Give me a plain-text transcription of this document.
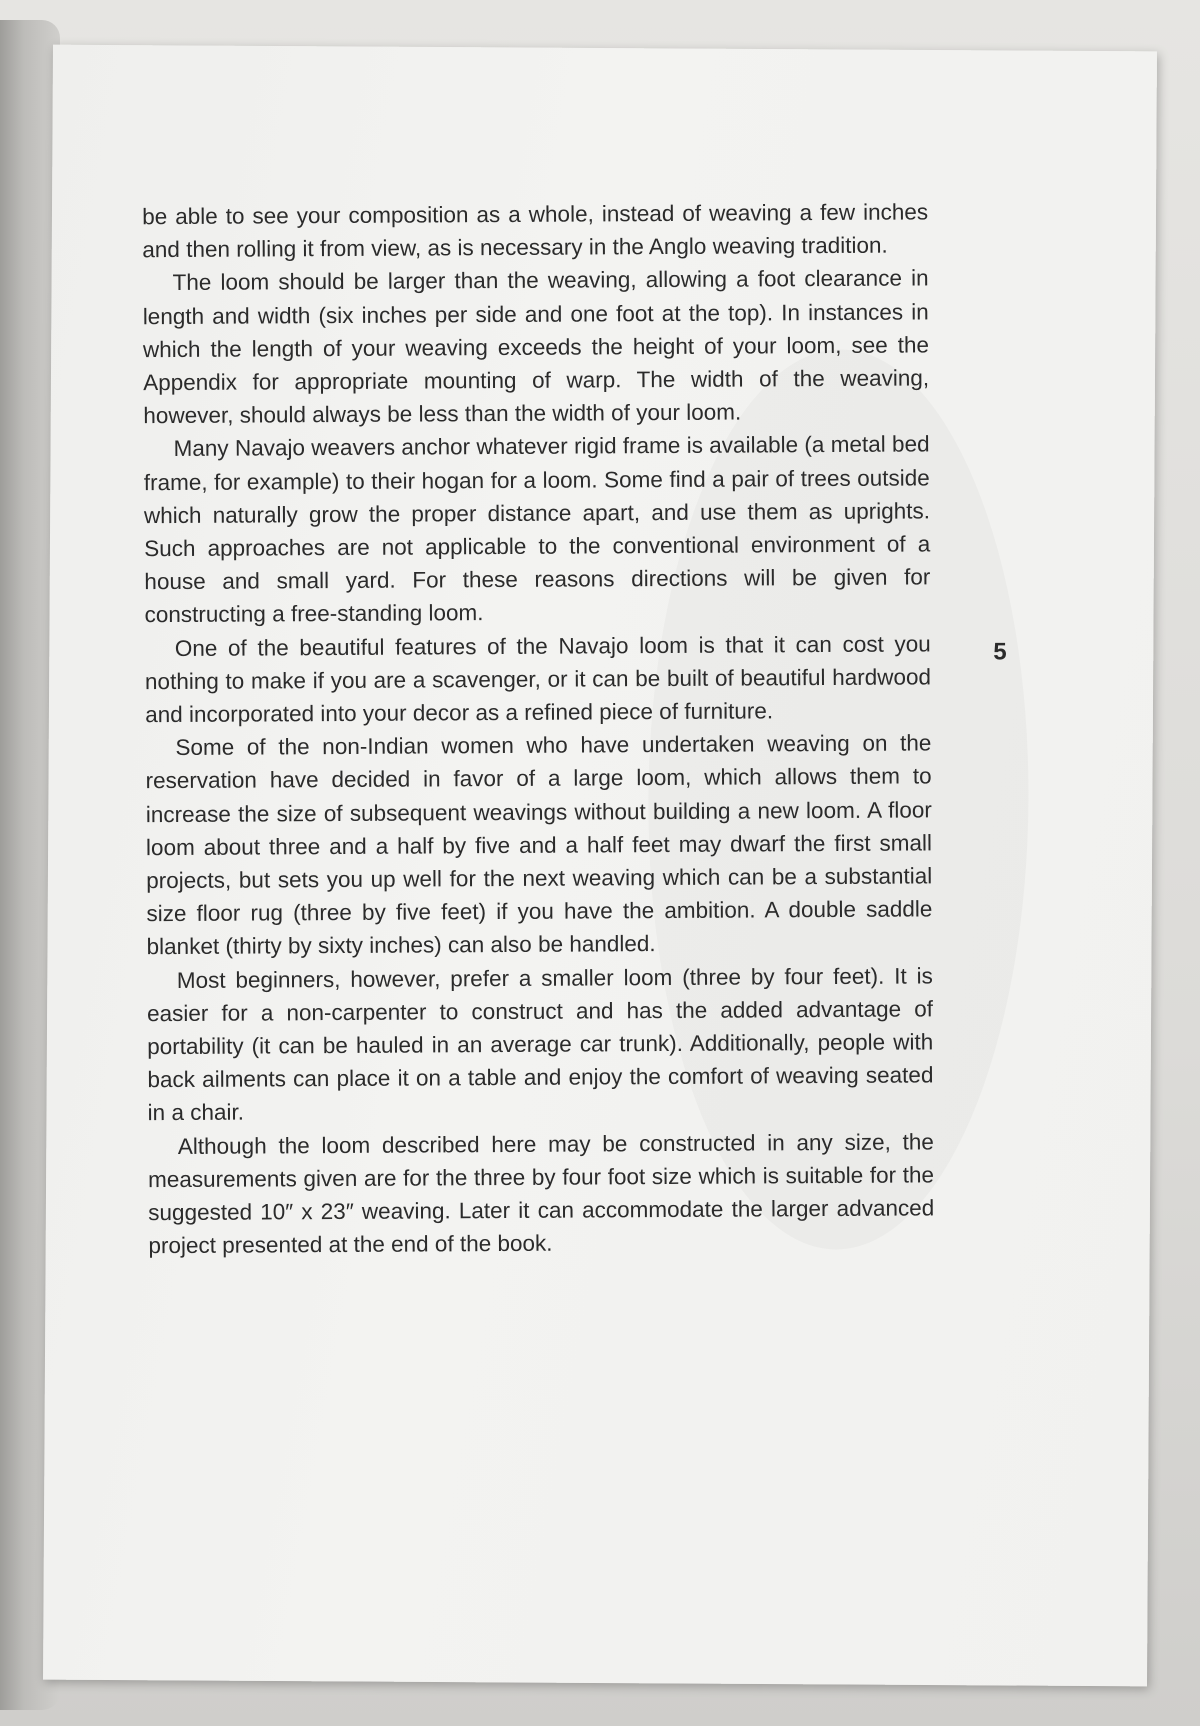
be able to see your composition as a whole, instead of weaving a few inches and then rolling it from view, as is necessary in the Anglo weaving tradition.

The loom should be larger than the weaving, allowing a foot clearance in length and width (six inches per side and one foot at the top). In instances in which the length of your weaving exceeds the height of your loom, see the Appendix for appropriate mounting of warp. The width of the weaving, however, should always be less than the width of your loom.

Many Navajo weavers anchor whatever rigid frame is available (a metal bed frame, for example) to their hogan for a loom. Some find a pair of trees outside which naturally grow the proper distance apart, and use them as uprights. Such approaches are not applicable to the conventional environment of a house and small yard. For these reasons directions will be given for constructing a free-standing loom.

One of the beautiful features of the Navajo loom is that it can cost you nothing to make if you are a scavenger, or it can be built of beautiful hardwood and incorporated into your decor as a refined piece of furniture.

Some of the non-Indian women who have undertaken weaving on the reservation have decided in favor of a large loom, which allows them to increase the size of subsequent weavings without building a new loom. A floor loom about three and a half by five and a half feet may dwarf the first small projects, but sets you up well for the next weaving which can be a substantial size floor rug (three by five feet) if you have the ambition. A double saddle blanket (thirty by sixty inches) can also be handled.

Most beginners, however, prefer a smaller loom (three by four feet). It is easier for a non-carpenter to construct and has the added advantage of portability (it can be hauled in an average car trunk). Additionally, people with back ailments can place it on a table and enjoy the comfort of weaving seated in a chair.

Although the loom described here may be constructed in any size, the measurements given are for the three by four foot size which is suitable for the suggested 10″ x 23″ weaving. Later it can accommodate the larger advanced project presented at the end of the book.

5
